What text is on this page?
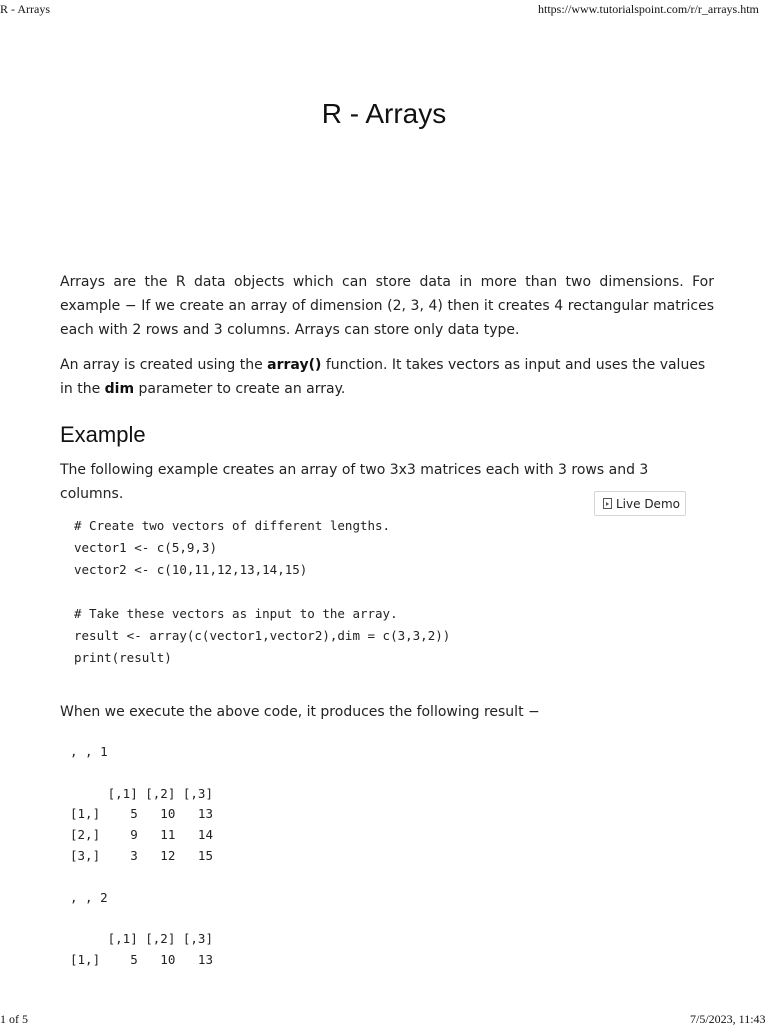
R - Arrays	https://www.tutorialspoint.com/r/r_arrays.htm
R - Arrays

Arrays are the R data objects which can store data in more than two dimensions. For example − If we create an array of dimension (2, 3, 4) then it creates 4 rectangular matrices each with 2 rows and 3 columns. Arrays can store only data type.

An array is created using the array() function. It takes vectors as input and uses the values in the dim parameter to create an array.

Example

The following example creates an array of two 3x3 matrices each with 3 rows and 3 columns.

Live Demo
# Create two vectors of different lengths.
vector1 <- c(5,9,3)
vector2 <- c(10,11,12,13,14,15)

# Take these vectors as input to the array.
result <- array(c(vector1,vector2),dim = c(3,3,2))
print(result)

When we execute the above code, it produces the following result −

, , 1

[,1] [,2] [,3]
[1,]    5   10   13
[2,]    9   11   14
[3,]    3   12   15

, , 2

[,1] [,2] [,3]
[1,]    5   10   13
1 of 5	7/5/2023, 11:43
